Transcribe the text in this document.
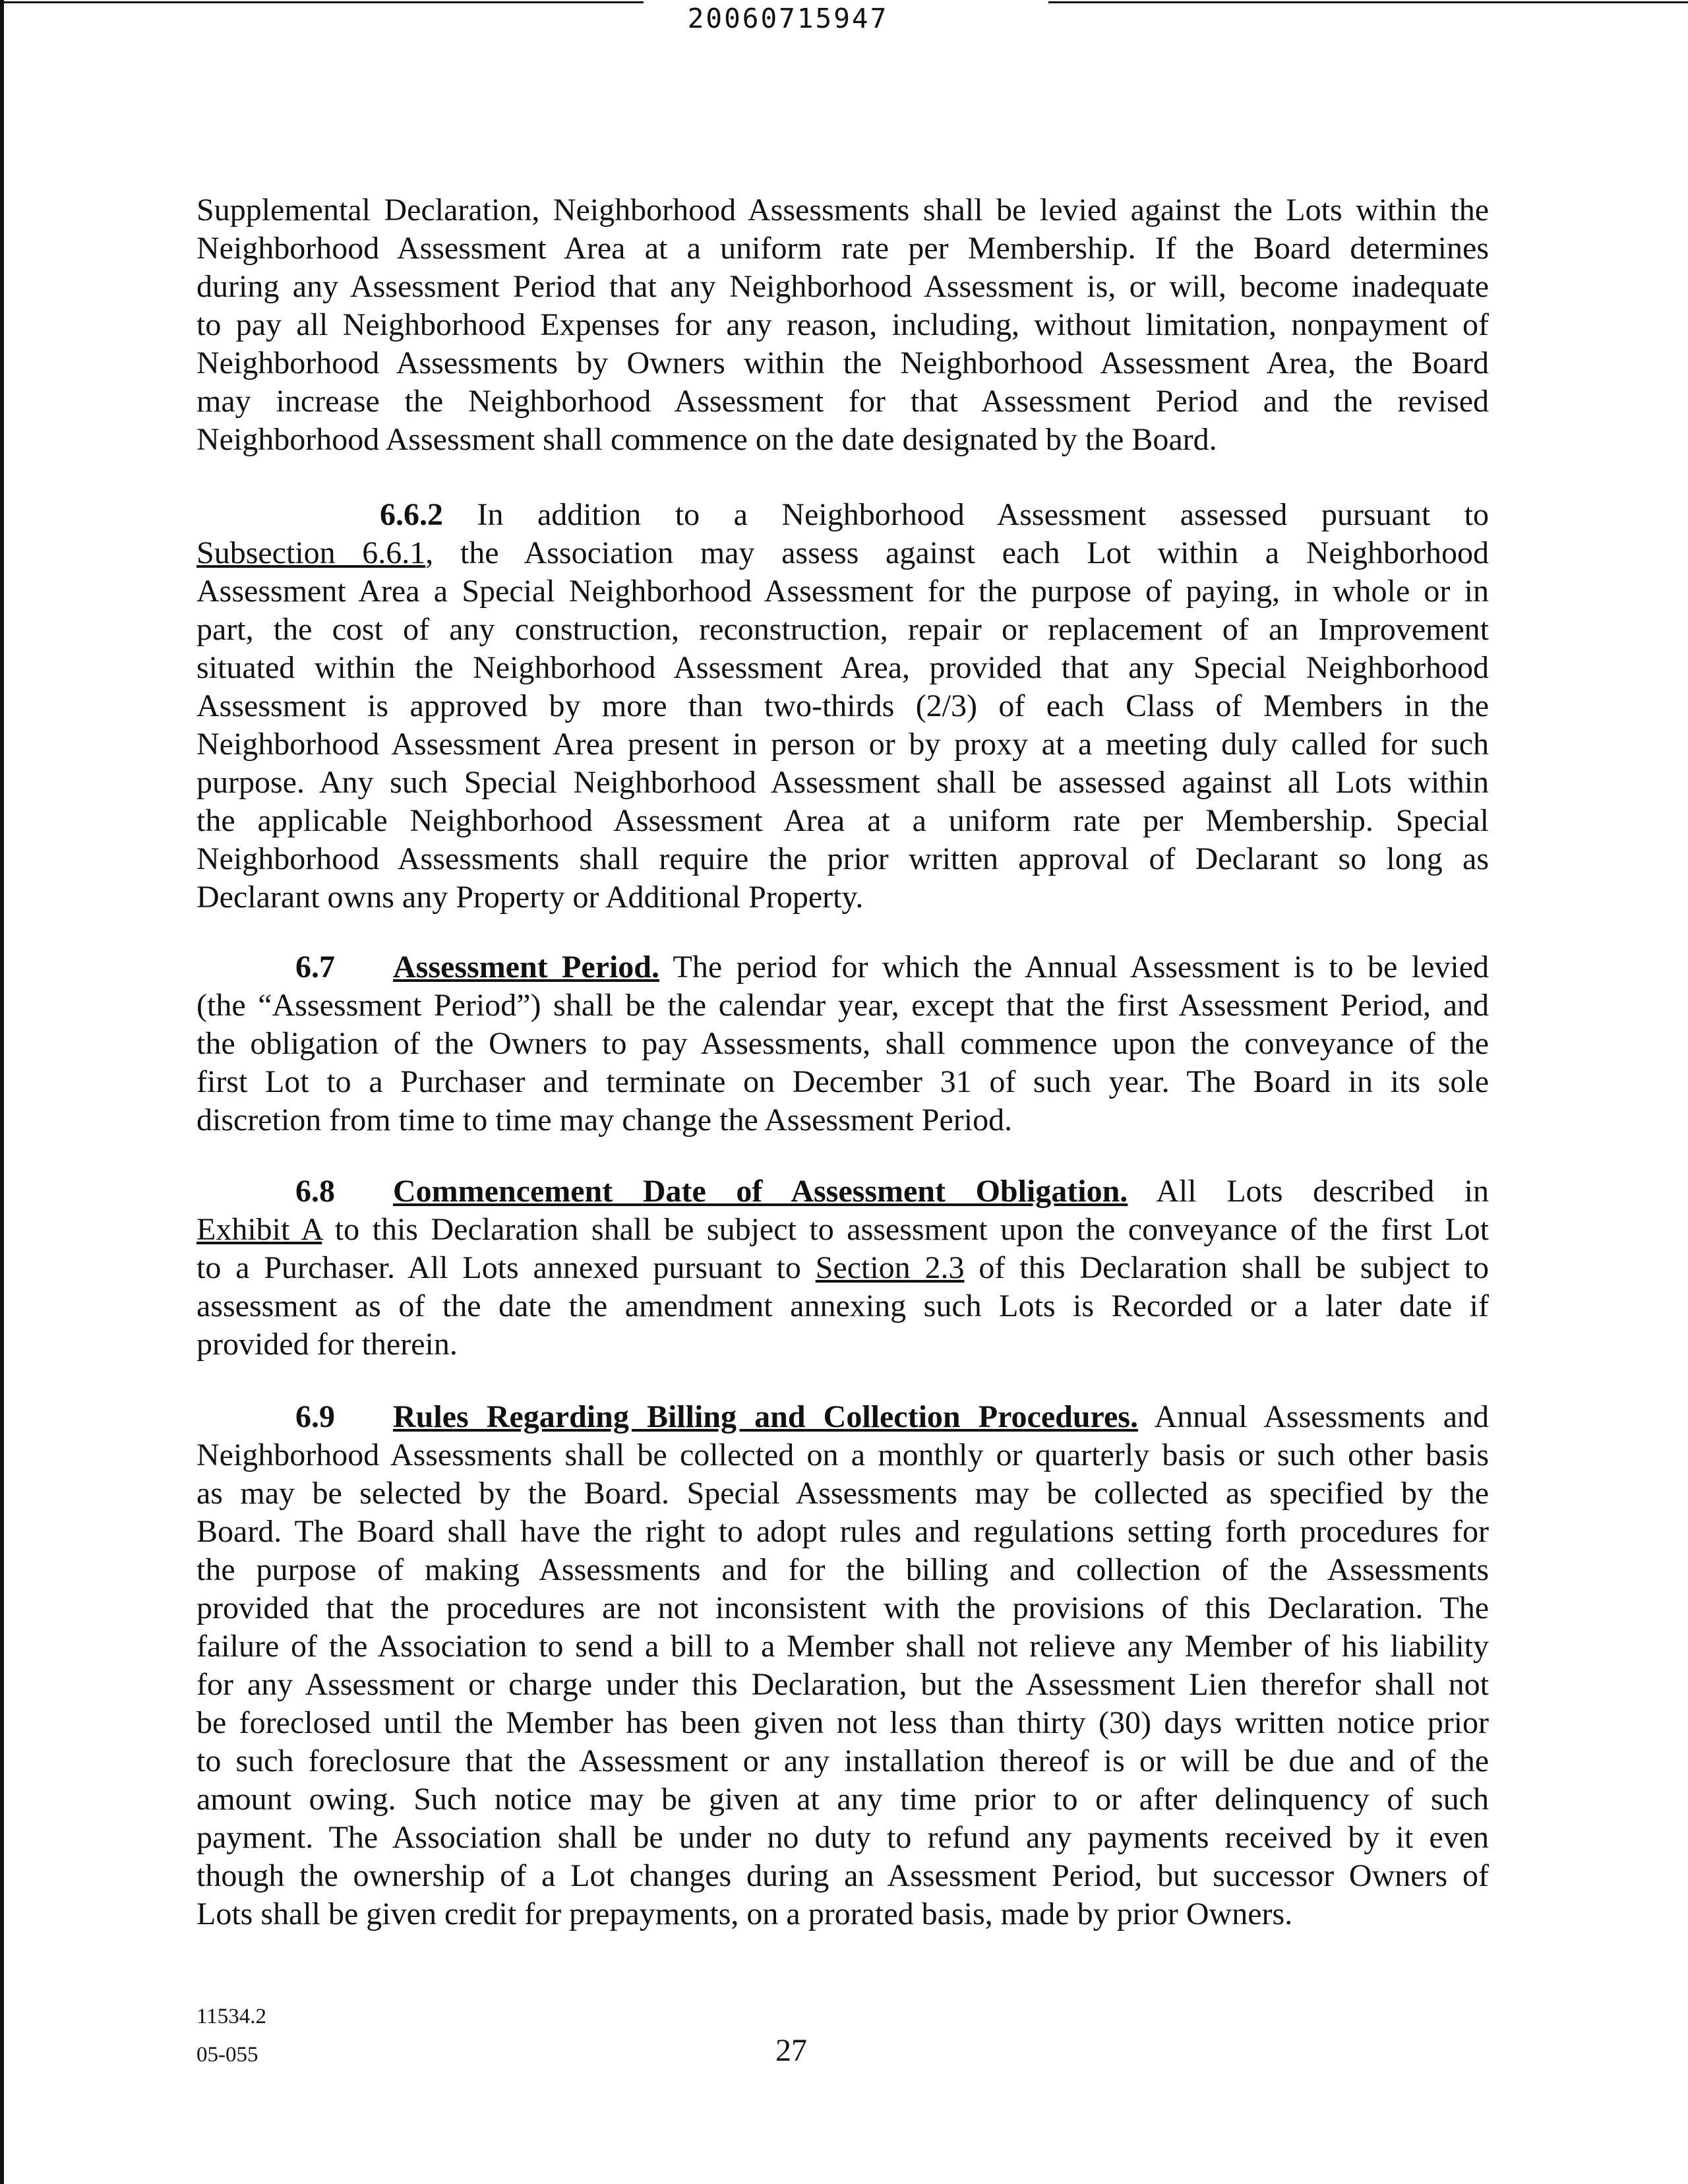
20060715947
Supplemental Declaration, Neighborhood Assessments shall be levied against the Lots within the
Neighborhood Assessment Area at a uniform rate per Membership. If the Board determines
during any Assessment Period that any Neighborhood Assessment is, or will, become inadequate
to pay all Neighborhood Expenses for any reason, including, without limitation, nonpayment of
Neighborhood Assessments by Owners within the Neighborhood Assessment Area, the Board
may increase the Neighborhood Assessment for that Assessment Period and the revised
Neighborhood Assessment shall commence on the date designated by the Board.
6.6.2 In addition to a Neighborhood Assessment assessed pursuant to
Subsection 6.6.1, the Association may assess against each Lot within a Neighborhood
Assessment Area a Special Neighborhood Assessment for the purpose of paying, in whole or in
part, the cost of any construction, reconstruction, repair or replacement of an Improvement
situated within the Neighborhood Assessment Area, provided that any Special Neighborhood
Assessment is approved by more than two-thirds (2/3) of each Class of Members in the
Neighborhood Assessment Area present in person or by proxy at a meeting duly called for such
purpose. Any such Special Neighborhood Assessment shall be assessed against all Lots within
the applicable Neighborhood Assessment Area at a uniform rate per Membership. Special
Neighborhood Assessments shall require the prior written approval of Declarant so long as
Declarant owns any Property or Additional Property.
6.7 Assessment Period. The period for which the Annual Assessment is to be levied
(the “Assessment Period”) shall be the calendar year, except that the first Assessment Period, and
the obligation of the Owners to pay Assessments, shall commence upon the conveyance of the
first Lot to a Purchaser and terminate on December 31 of such year. The Board in its sole
discretion from time to time may change the Assessment Period.
6.8 Commencement Date of Assessment Obligation. All Lots described in
Exhibit A to this Declaration shall be subject to assessment upon the conveyance of the first Lot
to a Purchaser. All Lots annexed pursuant to Section 2.3 of this Declaration shall be subject to
assessment as of the date the amendment annexing such Lots is Recorded or a later date if
provided for therein.
6.9 Rules Regarding Billing and Collection Procedures. Annual Assessments and
Neighborhood Assessments shall be collected on a monthly or quarterly basis or such other basis
as may be selected by the Board. Special Assessments may be collected as specified by the
Board. The Board shall have the right to adopt rules and regulations setting forth procedures for
the purpose of making Assessments and for the billing and collection of the Assessments
provided that the procedures are not inconsistent with the provisions of this Declaration. The
failure of the Association to send a bill to a Member shall not relieve any Member of his liability
for any Assessment or charge under this Declaration, but the Assessment Lien therefor shall not
be foreclosed until the Member has been given not less than thirty (30) days written notice prior
to such foreclosure that the Assessment or any installation thereof is or will be due and of the
amount owing. Such notice may be given at any time prior to or after delinquency of such
payment. The Association shall be under no duty to refund any payments received by it even
though the ownership of a Lot changes during an Assessment Period, but successor Owners of
Lots shall be given credit for prepayments, on a prorated basis, made by prior Owners.
11534.2
05-055	27
